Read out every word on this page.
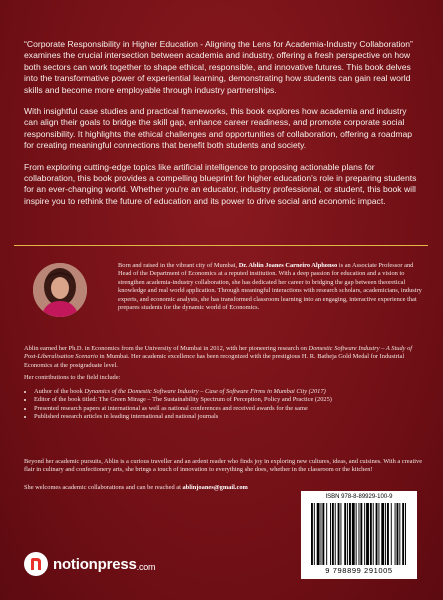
“Corporate Responsibility in Higher Education - Aligning the Lens for Academia-Industry Collaboration” examines the crucial intersection between academia and industry, offering a fresh perspective on how both sectors can work together to shape ethical, responsible, and innovative futures. This book delves into the transformative power of experiential learning, demonstrating how students can gain real world skills and become more employable through industry partnerships.

With insightful case studies and practical frameworks, this book explores how academia and industry can align their goals to bridge the skill gap, enhance career readiness, and promote corporate social responsibility. It highlights the ethical challenges and opportunities of collaboration, offering a roadmap for creating meaningful connections that benefit both students and society.

From exploring cutting-edge topics like artificial intelligence to proposing actionable plans for collaboration, this book provides a compelling blueprint for higher education's role in preparing students for an ever-changing world. Whether you're an educator, industry professional, or student, this book will inspire you to rethink the future of education and its power to drive social and economic impact.

Born and raised in the vibrant city of Mumbai, Dr. Ablin Joanes Carneiro Alphonso is an Associate Professor and Head of the Department of Economics at a reputed institution. With a deep passion for education and a vision to strengthen academia-industry collaboration, she has dedicated her career to bridging the gap between theoretical knowledge and real world application. Through meaningful interactions with research scholars, academicians, industry experts, and economic analysts, she has transformed classroom learning into an engaging, interactive experience that prepares students for the dynamic world of Economics.

Ablin earned her Ph.D. in Economics from the University of Mumbai in 2012, with her pioneering research on Domestic Software Industry – A Study of Post-Liberalisation Scenario in Mumbai. Her academic excellence has been recognized with the prestigious H. R. Batheja Gold Medal for Industrial Economics at the postgraduate level.

Her contributions to the field include:

• Author of the book Dynamics of the Domestic Software Industry – Case of Software Firms in Mumbai City (2017)
• Editor of the book titled: The Green Mirage – The Sustainability Spectrum of Perception, Policy and Practice (2025)
• Presented research papers at international as well as national conferences and received awards for the same
• Published research articles in leading international and national journals

Beyond her academic pursuits, Ablin is a curious traveller and an ardent reader who finds joy in exploring new cultures, ideas, and cuisines. With a creative flair in culinary and confectionery arts, she brings a touch of innovation to everything she does, whether in the classroom or the kitchen!

She welcomes academic collaborations and can be reached at ablinjoanes@gmail.com

notionpress .com
ISBN 978-8-89929-100-9
9 798899 291005
